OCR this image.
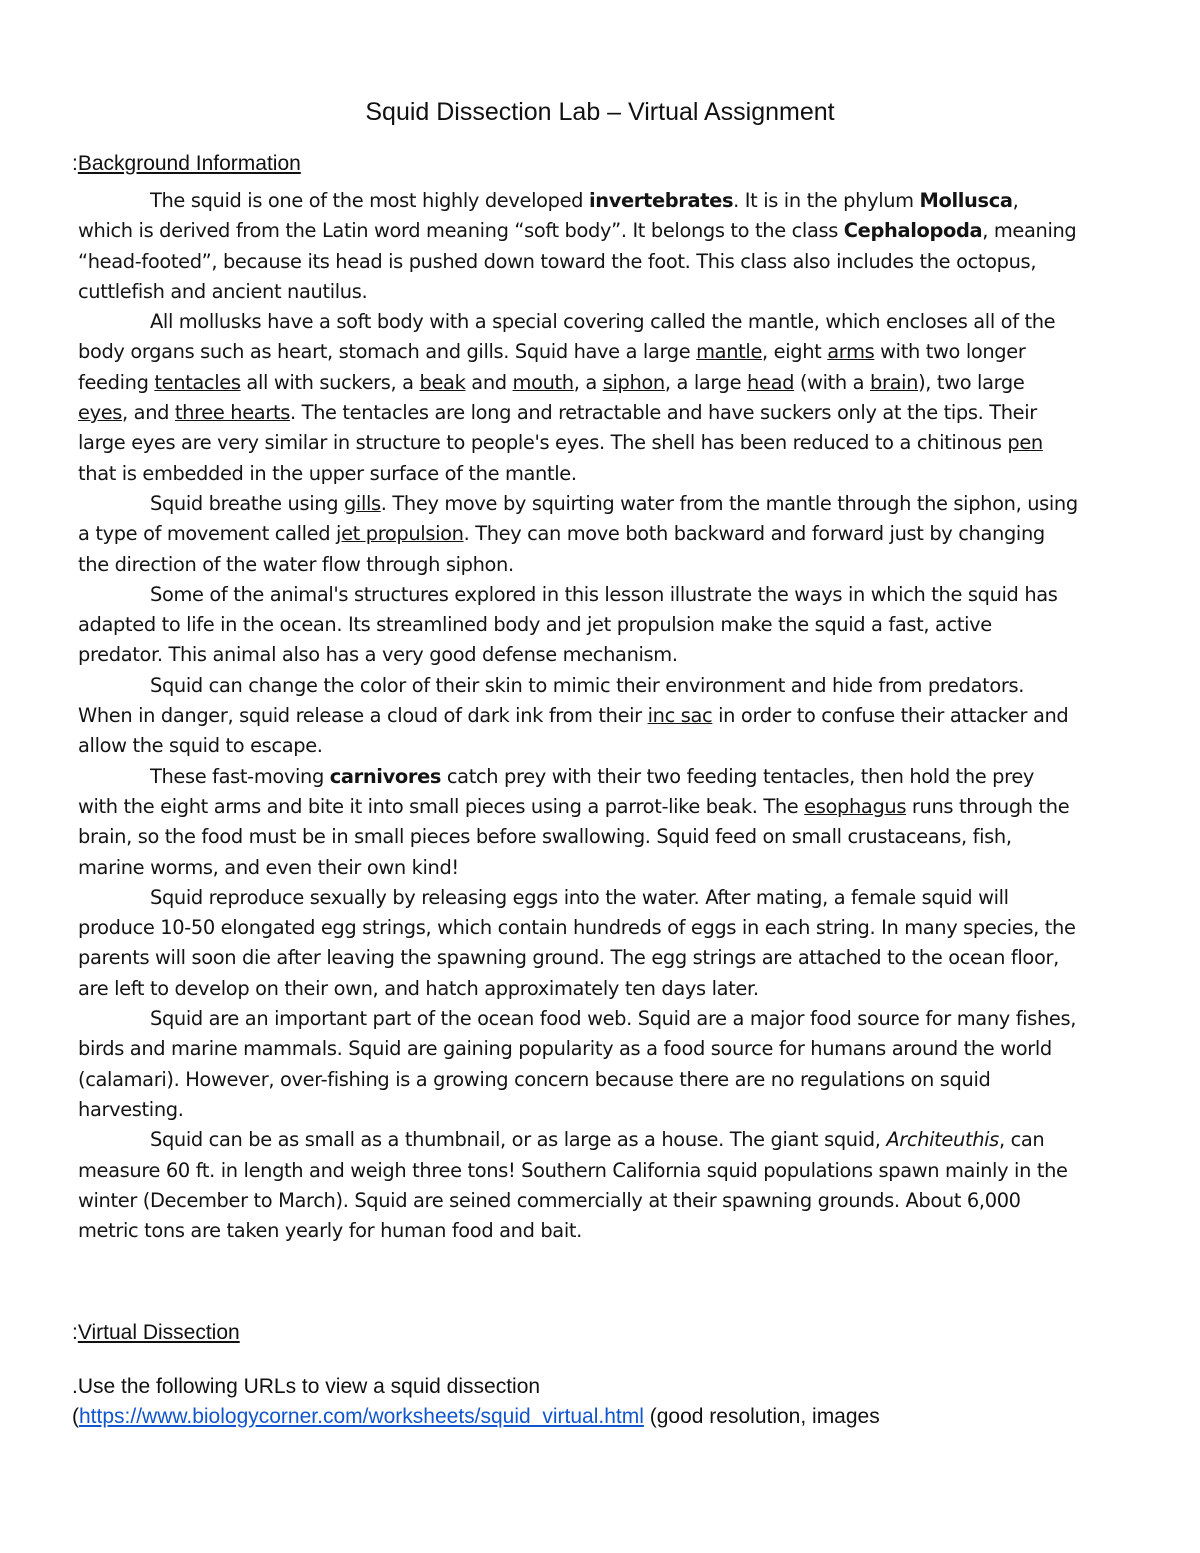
Squid Dissection Lab – Virtual Assignment
:Background Information

The squid is one of the most highly developed invertebrates. It is in the phylum Mollusca, which is derived from the Latin word meaning “soft body”. It belongs to the class Cephalopoda, meaning “head-footed”, because its head is pushed down toward the foot. This class also includes the octopus, cuttlefish and ancient nautilus.

All mollusks have a soft body with a special covering called the mantle, which encloses all of the body organs such as heart, stomach and gills. Squid have a large mantle, eight arms with two longer feeding tentacles all with suckers, a beak and mouth, a siphon, a large head (with a brain), two large eyes, and three hearts. The tentacles are long and retractable and have suckers only at the tips. Their large eyes are very similar in structure to people's eyes. The shell has been reduced to a chitinous pen that is embedded in the upper surface of the mantle.

Squid breathe using gills. They move by squirting water from the mantle through the siphon, using a type of movement called jet propulsion. They can move both backward and forward just by changing the direction of the water flow through siphon.

Some of the animal's structures explored in this lesson illustrate the ways in which the squid has adapted to life in the ocean. Its streamlined body and jet propulsion make the squid a fast, active predator. This animal also has a very good defense mechanism.

Squid can change the color of their skin to mimic their environment and hide from predators. When in danger, squid release a cloud of dark ink from their inc sac in order to confuse their attacker and allow the squid to escape.

These fast-moving carnivores catch prey with their two feeding tentacles, then hold the prey with the eight arms and bite it into small pieces using a parrot-like beak. The esophagus runs through the brain, so the food must be in small pieces before swallowing. Squid feed on small crustaceans, fish, marine worms, and even their own kind!

Squid reproduce sexually by releasing eggs into the water. After mating, a female squid will produce 10-50 elongated egg strings, which contain hundreds of eggs in each string. In many species, the parents will soon die after leaving the spawning ground. The egg strings are attached to the ocean floor, are left to develop on their own, and hatch approximately ten days later.

Squid are an important part of the ocean food web. Squid are a major food source for many fishes, birds and marine mammals. Squid are gaining popularity as a food source for humans around the world (calamari). However, over-fishing is a growing concern because there are no regulations on squid harvesting.

Squid can be as small as a thumbnail, or as large as a house. The giant squid, Architeuthis, can measure 60 ft. in length and weigh three tons! Southern California squid populations spawn mainly in the winter (December to March). Squid are seined commercially at their spawning grounds. About 6,000 metric tons are taken yearly for human food and bait.

:Virtual Dissection
.Use the following URLs to view a squid dissection
(https://www.biologycorner.com/worksheets/squid_virtual.html (good resolution, images
